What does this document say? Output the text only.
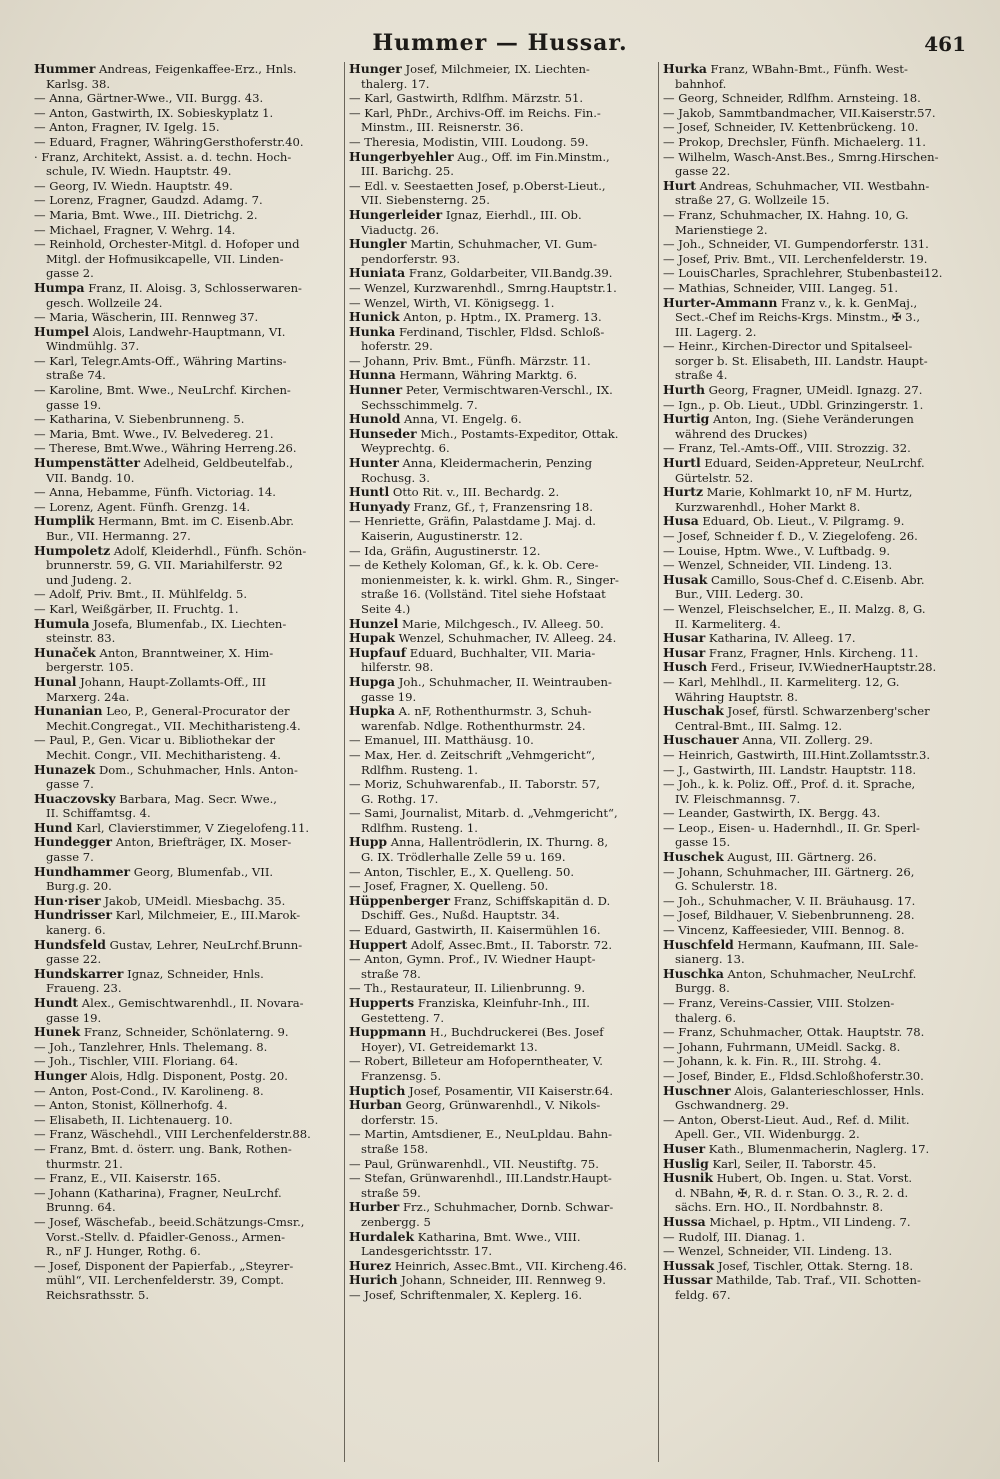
Hummer — Hussar.	461
Hummer Andreas, Feigenkaffee-Erz., Hnls.
Karlsg. 38.
— Anna, Gärtner-Wwe., VII. Burgg. 43.
— Anton, Gastwirth, IX. Sobieskyplatz 1.
— Anton, Fragner, IV. Igelg. 15.
— Eduard, Fragner, WähringGersthoferstr.40.
· Franz, Architekt, Assist. a. d. techn. Hoch-
schule, IV. Wiedn. Hauptstr. 49.
— Georg, IV. Wiedn. Hauptstr. 49.
— Lorenz, Fragner, Gaudzd. Adamg. 7.
— Maria, Bmt. Wwe., III. Dietrichg. 2.
— Michael, Fragner, V. Wehrg. 14.
— Reinhold, Orchester-Mitgl. d. Hofoper und
Mitgl. der Hofmusikcapelle, VII. Linden-
gasse 2.
Humpa Franz, II. Aloisg. 3, Schlosserwaren-
gesch. Wollzeile 24.
— Maria, Wäscherin, III. Rennweg 37.
Humpel Alois, Landwehr-Hauptmann, VI.
Windmühlg. 37.
— Karl, Telegr.Amts-Off., Währing Martins-
straße 74.
— Karoline, Bmt. Wwe., NeuLrchf. Kirchen-
gasse 19.
— Katharina, V. Siebenbrunneng. 5.
— Maria, Bmt. Wwe., IV. Belvedereg. 21.
— Therese, Bmt.Wwe., Währing Herreng.26.
Humpenstätter Adelheid, Geldbeutelfab.,
VII. Bandg. 10.
— Anna, Hebamme, Fünfh. Victoriag. 14.
— Lorenz, Agent. Fünfh. Grenzg. 14.
Humplik Hermann, Bmt. im C. Eisenb.Abr.
Bur., VII. Hermanng. 27.
Humpoletz Adolf, Kleiderhdl., Fünfh. Schön-
brunnerstr. 59, G. VII. Mariahilferstr. 92
und Judeng. 2.
— Adolf, Priv. Bmt., II. Mühlfeldg. 5.
— Karl, Weißgärber, II. Fruchtg. 1.
Humula Josefa, Blumenfab., IX. Liechten-
steinstr. 83.
Hunaček Anton, Branntweiner, X. Him-
bergerstr. 105.
Hunal Johann, Haupt-Zollamts-Off., III
Marxerg. 24a.
Hunanian Leo, P., General-Procurator der
Mechit.Congregat., VII. Mechitharisteng.4.
— Paul, P., Gen. Vicar u. Bibliothekar der
Mechit. Congr., VII. Mechitharisteng. 4.
Hunazek Dom., Schuhmacher, Hnls. Anton-
gasse 7.
Huaczovsky Barbara, Mag. Secr. Wwe.,
II. Schiffamtsg. 4.
Hund Karl, Clavierstimmer, V Ziegelofeng.11.
Hundegger Anton, Briefträger, IX. Moser-
gasse 7.
Hundhammer Georg, Blumenfab., VII.
Burg.g. 20.
Hun·riser Jakob, UMeidl. Miesbachg. 35.
Hundrisser Karl, Milchmeier, E., III.Marok-
kanerg. 6.
Hundsfeld Gustav, Lehrer, NeuLrchf.Brunn-
gasse 22.
Hundskarrer Ignaz, Schneider, Hnls.
Fraueng. 23.
Hundt Alex., Gemischtwarenhdl., II. Novara-
gasse 19.
Hunek Franz, Schneider, Schönlaterng. 9.
— Joh., Tanzlehrer, Hnls. Thelemang. 8.
— Joh., Tischler, VIII. Floriang. 64.
Hunger Alois, Hdlg. Disponent, Postg. 20.
— Anton, Post-Cond., IV. Karolineng. 8.
— Anton, Stonist, Köllnerhofg. 4.
— Elisabeth, II. Lichtenauerg. 10.
— Franz, Wäschehdl., VIII Lerchenfelderstr.88.
— Franz, Bmt. d. österr. ung. Bank, Rothen-
thurmstr. 21.
— Franz, E., VII. Kaiserstr. 165.
— Johann (Katharina), Fragner, NeuLrchf.
Brunng. 64.
— Josef, Wäschefab., beeid.Schätzungs-Cmsr.,
Vorst.-Stellv. d. Pfaidler-Genoss., Armen-
R., nF J. Hunger, Rothg. 6.
— Josef, Disponent der Papierfab., „Steyrer-
mühl“, VII. Lerchenfelderstr. 39, Compt.
Reichsrathsstr. 5.
Hunger Josef, Milchmeier, IX. Liechten-
thalerg. 17.
— Karl, Gastwirth, Rdlfhm. Märzstr. 51.
— Karl, PhDr., Archivs-Off. im Reichs. Fin.-
Minstm., III. Reisnerstr. 36.
— Theresia, Modistin, VIII. Loudong. 59.
Hungerbyehler Aug., Off. im Fin.Minstm.,
III. Barichg. 25.
— Edl. v. Seestaetten Josef, p.Oberst-Lieut.,
VII. Siebensterng. 25.
Hungerleider Ignaz, Eierhdl., III. Ob.
Viaductg. 26.
Hungler Martin, Schuhmacher, VI. Gum-
pendorferstr. 93.
Huniata Franz, Goldarbeiter, VII.Bandg.39.
— Wenzel, Kurzwarenhdl., Smrng.Hauptstr.1.
— Wenzel, Wirth, VI. Königsegg. 1.
Hunick Anton, p. Hptm., IX. Pramerg. 13.
Hunka Ferdinand, Tischler, Fldsd. Schloß-
hoferstr. 29.
— Johann, Priv. Bmt., Fünfh. Märzstr. 11.
Hunna Hermann, Währing Marktg. 6.
Hunner Peter, Vermischtwaren-Verschl., IX.
Sechsschimmelg. 7.
Hunold Anna, VI. Engelg. 6.
Hunseder Mich., Postamts-Expeditor, Ottak.
Weyprechtg. 6.
Hunter Anna, Kleidermacherin, Penzing
Rochusg. 3.
Huntl Otto Rit. v., III. Bechardg. 2.
Hunyady Franz, Gf., †, Franzensring 18.
— Henriette, Gräfin, Palastdame J. Maj. d.
Kaiserin, Augustinerstr. 12.
— Ida, Gräfin, Augustinerstr. 12.
— de Kethely Koloman, Gf., k. k. Ob. Cere-
monienmeister, k. k. wirkl. Ghm. R., Singer-
straße 16. (Vollständ. Titel siehe Hofstaat
Seite 4.)
Hunzel Marie, Milchgesch., IV. Alleeg. 50.
Hupak Wenzel, Schuhmacher, IV. Alleeg. 24.
Hupfauf Eduard, Buchhalter, VII. Maria-
hilferstr. 98.
Hupga Joh., Schuhmacher, II. Weintrauben-
gasse 19.
Hupka A. nF, Rothenthurmstr. 3, Schuh-
warenfab. Ndlge. Rothenthurmstr. 24.
— Emanuel, III. Matthäusg. 10.
— Max, Her. d. Zeitschrift „Vehmgericht“,
Rdlfhm. Rusteng. 1.
— Moriz, Schuhwarenfab., II. Taborstr. 57,
G. Rothg. 17.
— Sami, Journalist, Mitarb. d. „Vehmgericht“,
Rdlfhm. Rusteng. 1.
Hupp Anna, Hallentrödlerin, IX. Thurng. 8,
G. IX. Trödlerhalle Zelle 59 u. 169.
— Anton, Tischler, E., X. Quelleng. 50.
— Josef, Fragner, X. Quelleng. 50.
Hüppenberger Franz, Schiffskapitän d. D.
Dschiff. Ges., Nußd. Hauptstr. 34.
— Eduard, Gastwirth, II. Kaisermühlen 16.
Huppert Adolf, Assec.Bmt., II. Taborstr. 72.
— Anton, Gymn. Prof., IV. Wiedner Haupt-
straße 78.
— Th., Restaurateur, II. Lilienbrunng. 9.
Hupperts Franziska, Kleinfuhr-Inh., III.
Gestetteng. 7.
Huppmann H., Buchdruckerei (Bes. Josef
Hoyer), VI. Getreidemarkt 13.
— Robert, Billeteur am Hofoperntheater, V.
Franzensg. 5.
Huptich Josef, Posamentir, VII Kaiserstr.64.
Hurban Georg, Grünwarenhdl., V. Nikols-
dorferstr. 15.
— Martin, Amtsdiener, E., NeuLpldau. Bahn-
straße 158.
— Paul, Grünwarenhdl., VII. Neustiftg. 75.
— Stefan, Grünwarenhdl., III.Landstr.Haupt-
straße 59.
Hurber Frz., Schuhmacher, Dornb. Schwar-
zenbergg. 5
Hurdalek Katharina, Bmt. Wwe., VIII.
Landesgerichtsstr. 17.
Hurez Heinrich, Assec.Bmt., VII. Kircheng.46.
Hurich Johann, Schneider, III. Rennweg 9.
— Josef, Schriftenmaler, X. Keplerg. 16.
Hurka Franz, WBahn-Bmt., Fünfh. West-
bahnhof.
— Georg, Schneider, Rdlfhm. Arnsteing. 18.
— Jakob, Sammtbandmacher, VII.Kaiserstr.57.
— Josef, Schneider, IV. Kettenbrückeng. 10.
— Prokop, Drechsler, Fünfh. Michaelerg. 11.
— Wilhelm, Wasch-Anst.Bes., Smrng.Hirschen-
gasse 22.
Hurt Andreas, Schuhmacher, VII. Westbahn-
straße 27, G. Wollzeile 15.
— Franz, Schuhmacher, IX. Hahng. 10, G.
Marienstiege 2.
— Joh., Schneider, VI. Gumpendorferstr. 131.
— Josef, Priv. Bmt., VII. Lerchenfelderstr. 19.
— LouisCharles, Sprachlehrer, Stubenbastei12.
— Mathias, Schneider, VIII. Langeg. 51.
Hurter-Ammann Franz v., k. k. GenMaj.,
Sect.-Chef im Reichs-Krgs. Minstm., ✠ 3.,
III. Lagerg. 2.
— Heinr., Kirchen-Director und Spitalseel-
sorger b. St. Elisabeth, III. Landstr. Haupt-
straße 4.
Hurth Georg, Fragner, UMeidl. Ignazg. 27.
— Ign., p. Ob. Lieut., UDbl. Grinzingerstr. 1.
Hurtig Anton, Ing. (Siehe Veränderungen
während des Druckes)
— Franz, Tel.-Amts-Off., VIII. Strozzig. 32.
Hurtl Eduard, Seiden-Appreteur, NeuLrchf.
Gürtelstr. 52.
Hurtz Marie, Kohlmarkt 10, nF M. Hurtz,
Kurzwarenhdl., Hoher Markt 8.
Husa Eduard, Ob. Lieut., V. Pilgramg. 9.
— Josef, Schneider f. D., V. Ziegelofeng. 26.
— Louise, Hptm. Wwe., V. Luftbadg. 9.
— Wenzel, Schneider, VII. Lindeng. 13.
Husak Camillo, Sous-Chef d. C.Eisenb. Abr.
Bur., VIII. Lederg. 30.
— Wenzel, Fleischselcher, E., II. Malzg. 8, G.
II. Karmeliterg. 4.
Husar Katharina, IV. Alleeg. 17.
Husar Franz, Fragner, Hnls. Kircheng. 11.
Husch Ferd., Friseur, IV.WiednerHauptstr.28.
— Karl, Mehlhdl., II. Karmeliterg. 12, G.
Währing Hauptstr. 8.
Huschak Josef, fürstl. Schwarzenberg'scher
Central-Bmt., III. Salmg. 12.
Huschauer Anna, VII. Zollerg. 29.
— Heinrich, Gastwirth, III.Hint.Zollamtsstr.3.
— J., Gastwirth, III. Landstr. Hauptstr. 118.
— Joh., k. k. Poliz. Off., Prof. d. it. Sprache,
IV. Fleischmannsg. 7.
— Leander, Gastwirth, IX. Bergg. 43.
— Leop., Eisen- u. Hadernhdl., II. Gr. Sperl-
gasse 15.
Huschek August, III. Gärtnerg. 26.
— Johann, Schuhmacher, III. Gärtnerg. 26,
G. Schulerstr. 18.
— Joh., Schuhmacher, V. II. Bräuhausg. 17.
— Josef, Bildhauer, V. Siebenbrunneng. 28.
— Vincenz, Kaffeesieder, VIII. Bennog. 8.
Huschfeld Hermann, Kaufmann, III. Sale-
sianerg. 13.
Huschka Anton, Schuhmacher, NeuLrchf.
Burgg. 8.
— Franz, Vereins-Cassier, VIII. Stolzen-
thalerg. 6.
— Franz, Schuhmacher, Ottak. Hauptstr. 78.
— Johann, Fuhrmann, UMeidl. Sackg. 8.
— Johann, k. k. Fin. R., III. Strohg. 4.
— Josef, Binder, E., Fldsd.Schloßhoferstr.30.
Huschner Alois, Galanterieschlosser, Hnls.
Gschwandnerg. 29.
— Anton, Oberst-Lieut. Aud., Ref. d. Milit.
Apell. Ger., VII. Widenburgg. 2.
Huser Kath., Blumenmacherin, Naglerg. 17.
Huslig Karl, Seiler, II. Taborstr. 45.
Husnik Hubert, Ob. Ingen. u. Stat. Vorst.
d. NBahn, ✠, R. d. r. Stan. O. 3., R. 2. d.
sächs. Ern. HO., II. Nordbahnstr. 8.
Hussa Michael, p. Hptm., VII Lindeng. 7.
— Rudolf, III. Dianag. 1.
— Wenzel, Schneider, VII. Lindeng. 13.
Hussak Josef, Tischler, Ottak. Sterng. 18.
Hussar Mathilde, Tab. Traf., VII. Schotten-
feldg. 67.
